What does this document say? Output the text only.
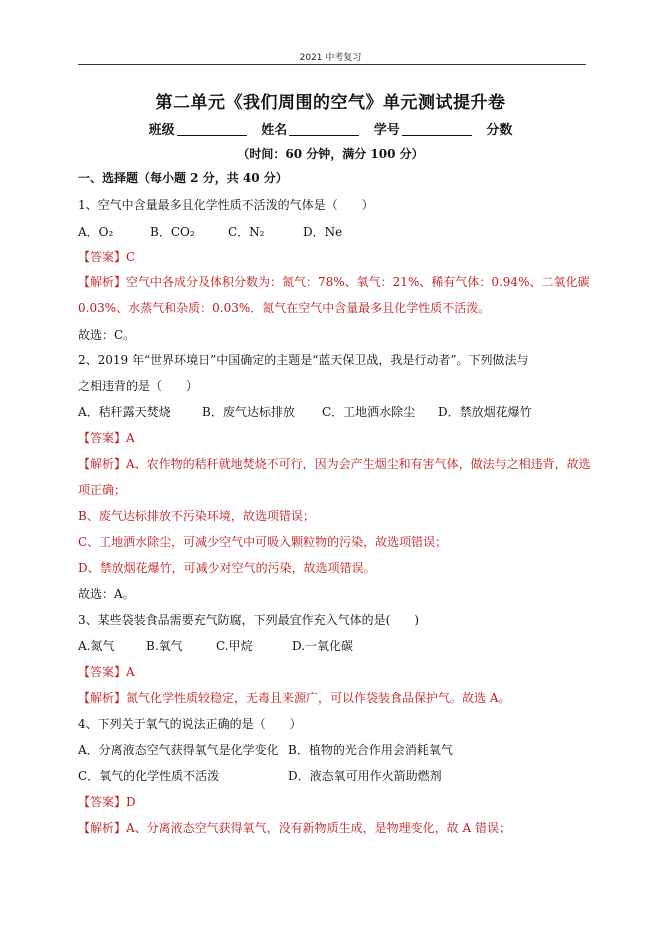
2021 中考复习
第二单元《我们周围的空气》单元测试提升卷
班级	姓名	学号	分数
（时间：60 分钟，满分 100 分）
一、选择题（每小题 2 分，共 40 分）
1、空气中含量最多且化学性质不活泼的气体是（　　）
A．O₂	B．CO₂	C．N₂	D．Ne
【答案】C
【解析】空气中各成分及体积分数为：氮气：78%、氧气：21%、稀有气体：0.94%、二氧化碳
0.03%、水蒸气和杂质：0.03%．氮气在空气中含量最多且化学性质不活泼。
故选：C。
2、2019 年“世界环境日”中国确定的主题是“蓝天保卫战，我是行动者”。下列做法与
之相违背的是（　　）
A．秸秆露天焚烧	B．废气达标排放 C．工地洒水除尘 D．禁放烟花爆竹
【答案】A
【解析】A、农作物的秸秆就地焚烧不可行，因为会产生烟尘和有害气体，做法与之相违背，故选
项正确；
B、废气达标排放不污染环境，故选项错误；
C、工地洒水除尘，可减少空气中可吸入颗粒物的污染，故选项错误；
D、禁放烟花爆竹，可减少对空气的污染，故选项错误。
故选：A。
3、某些袋装食品需要充气防腐，下列最宜作充入气体的是(　　)
A.氮气	B.氧气	C.甲烷	D.一氧化碳
【答案】A
【解析】氮气化学性质较稳定，无毒且来源广，可以作袋装食品保护气。故选 A。
4、下列关于氧气的说法正确的是（　　）
A．分离液态空气获得氧气是化学变化 B．植物的光合作用会消耗氧气
C．氧气的化学性质不活泼	D．液态氧可用作火箭助燃剂
【答案】D
【解析】A、分离液态空气获得氧气，没有新物质生成，是物理变化，故 A 错误；
